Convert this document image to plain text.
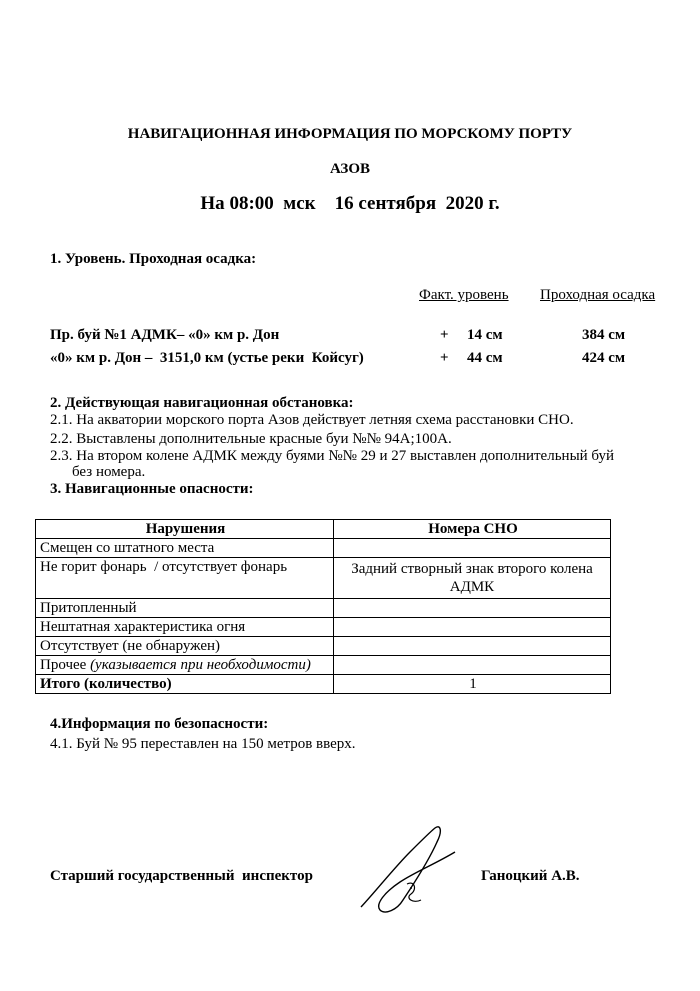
НАВИГАЦИОННАЯ ИНФОРМАЦИЯ ПО МОРСКОМУ ПОРТУ
АЗОВ
На 08:00 мск 16 сентября  2020 г.
1. Уровень. Проходная осадка:
Факт. уровень Проходная осадка
Пр. буй №1 АДМК– «0» км р. Дон	+ 14 см	384 см
«0» км р. Дон –  3151,0 км (устье реки  Койсуг)	+ 44 см	424 см
2. Действующая навигационная обстановка:
2.1. На акватории морского порта Азов действует летняя схема расстановки СНО.
2.2. Выставлены дополнительные красные буи №№ 94А;100А.
2.3. На втором колене АДМК между буями №№ 29 и 27 выставлен дополнительный буй
без номера.
3. Навигационные опасности:
Нарушения	Номера СНО
Смещен со штатного места	
Не горит фонарь  / отсутствует фонарь	Задний створный знак второго колена АДМК
Притопленный	
Нештатная характеристика огня	
Отсутствует (не обнаружен)	
Прочее (указывается при необходимости)	
Итого (количество)	1
4.Информация по безопасности:
4.1. Буй № 95 переставлен на 150 метров вверх.
Старший государственный  инспектор	Ганоцкий А.В.
